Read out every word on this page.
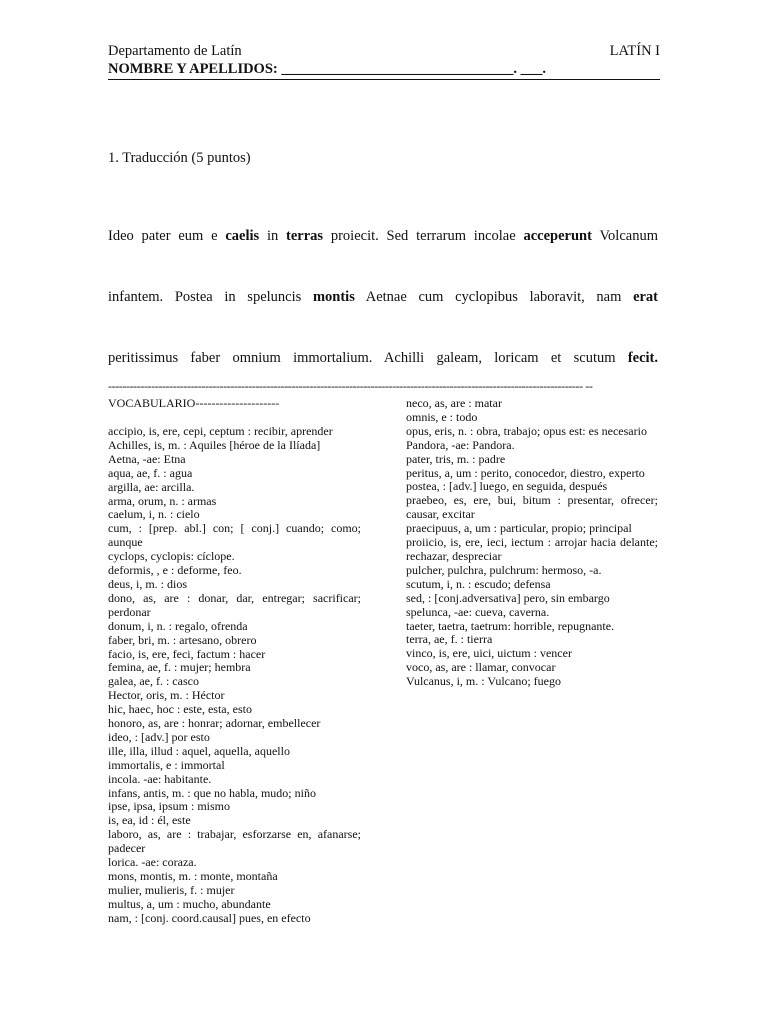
Departamento de Latín	LATÍN I
NOMBRE Y APELLIDOS: ________________________________. ___.
1. Traducción (5 puntos)
Ideo pater eum e caelis in terras proiecit. Sed terrarum incolae acceperunt Volcanum
infantem. Postea in speluncis montis Aetnae cum cyclopibus laboravit, nam erat
peritissimus faber omnium immortalium. Achilli galeam, loricam et scutum fecit.
------------------------------------------------------------------------------------------------------------------------------------ --
VOCABULARIO---------------------
accipio, is, ere, cepi, ceptum : recibir, aprender
Achilles, is, m. : Aquiles [héroe de la Ilíada]
Aetna, -ae: Etna
aqua, ae, f. : agua
argilla, ae: arcilla.
arma, orum, n. : armas
caelum, i, n. : cielo
cum, : [prep. abl.] con; [ conj.] cuando; como; aunque
cyclops, cyclopis: cíclope.
deformis, , e : deforme, feo.
deus, i, m. : dios
dono, as, are : donar, dar, entregar; sacrificar; perdonar
donum, i, n. : regalo, ofrenda
faber, bri, m. : artesano, obrero
facio, is, ere, feci, factum : hacer
femina, ae, f. : mujer; hembra
galea, ae, f. : casco
Hector, oris, m. : Héctor
hic, haec, hoc : este, esta, esto
honoro, as, are : honrar; adornar, embellecer
ideo, : [adv.] por esto
ille, illa, illud : aquel, aquella, aquello
immortalis, e : immortal
incola. -ae: habitante.
infans, antis, m. : que no habla, mudo; niño
ipse, ipsa, ipsum : mismo
is, ea, id : él, este
laboro, as, are : trabajar, esforzarse en, afanarse; padecer
lorica. -ae: coraza.
mons, montis, m. : monte, montaña
mulier, mulieris, f. : mujer
multus, a, um : mucho, abundante
nam, : [conj. coord.causal] pues, en efecto
neco, as, are : matar
omnis, e : todo
opus, eris, n. : obra, trabajo; opus est: es necesario
Pandora, -ae: Pandora.
pater, tris, m. : padre
peritus, a, um : perito, conocedor, diestro, experto
postea, : [adv.] luego, en seguida, después
praebeo, es, ere, bui, bitum : presentar, ofrecer; causar, excitar
praecipuus, a, um : particular, propio; principal
proiicio, is, ere, ieci, iectum : arrojar hacia delante; rechazar, despreciar
pulcher, pulchra, pulchrum: hermoso, -a.
scutum, i, n. : escudo; defensa
sed, : [conj.adversativa] pero, sin embargo
spelunca, -ae: cueva, caverna.
taeter, taetra, taetrum: horrible, repugnante.
terra, ae, f. : tierra
vinco, is, ere, uici, uictum : vencer
voco, as, are : llamar, convocar
Vulcanus, i, m. : Vulcano; fuego
